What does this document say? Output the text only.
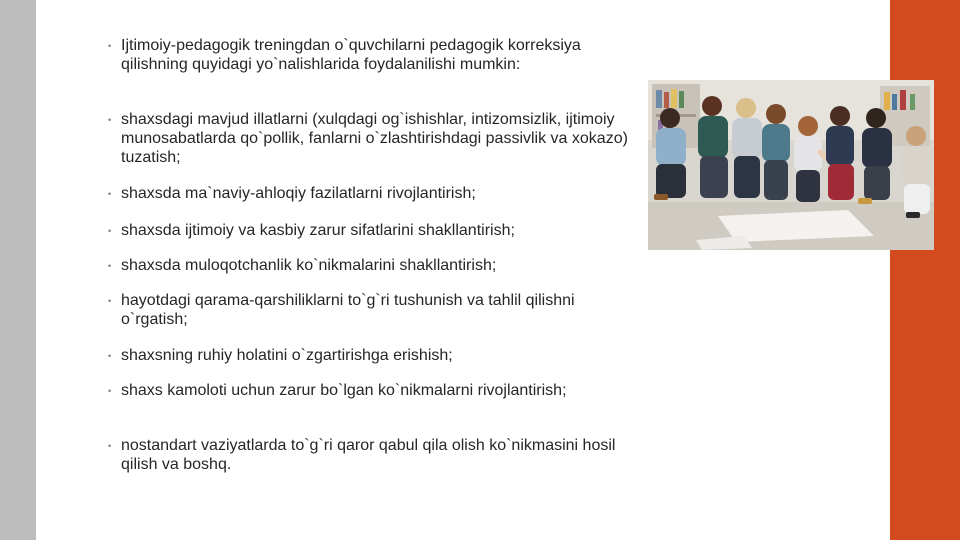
• Ijtimoiy-pedagogik treningdan o`quvchilarni pedagogik korreksiya qilishning quyidagi yo`nalishlarida foydalanilishi mumkin:
• shaxsdagi mavjud illatlarni (xulqdagi og`ishishlar, intizomsizlik, ijtimoiy munosabatlarda qo`pollik, fanlarni o`zlashtirishdagi passivlik va xokazo) tuzatish;
• shaxsda ma`naviy-ahloqiy fazilatlarni rivojlantirish;
• shaxsda ijtimoiy va kasbiy zarur sifatlarini shakllantirish;
• shaxsda muloqotchanlik ko`nikmalarini shakllantirish;
• hayotdagi qarama-qarshiliklarni to`g`ri tushunish va tahlil qilishni o`rgatish;
• shaxsning ruhiy holatini o`zgartirishga erishish;
• shaxs kamoloti uchun zarur bo`lgan ko`nikmalarni rivojlantirish;
• nostandart vaziyatlarda to`g`ri qaror qabul qila olish ko`nikmasini hosil qilish va boshq.
